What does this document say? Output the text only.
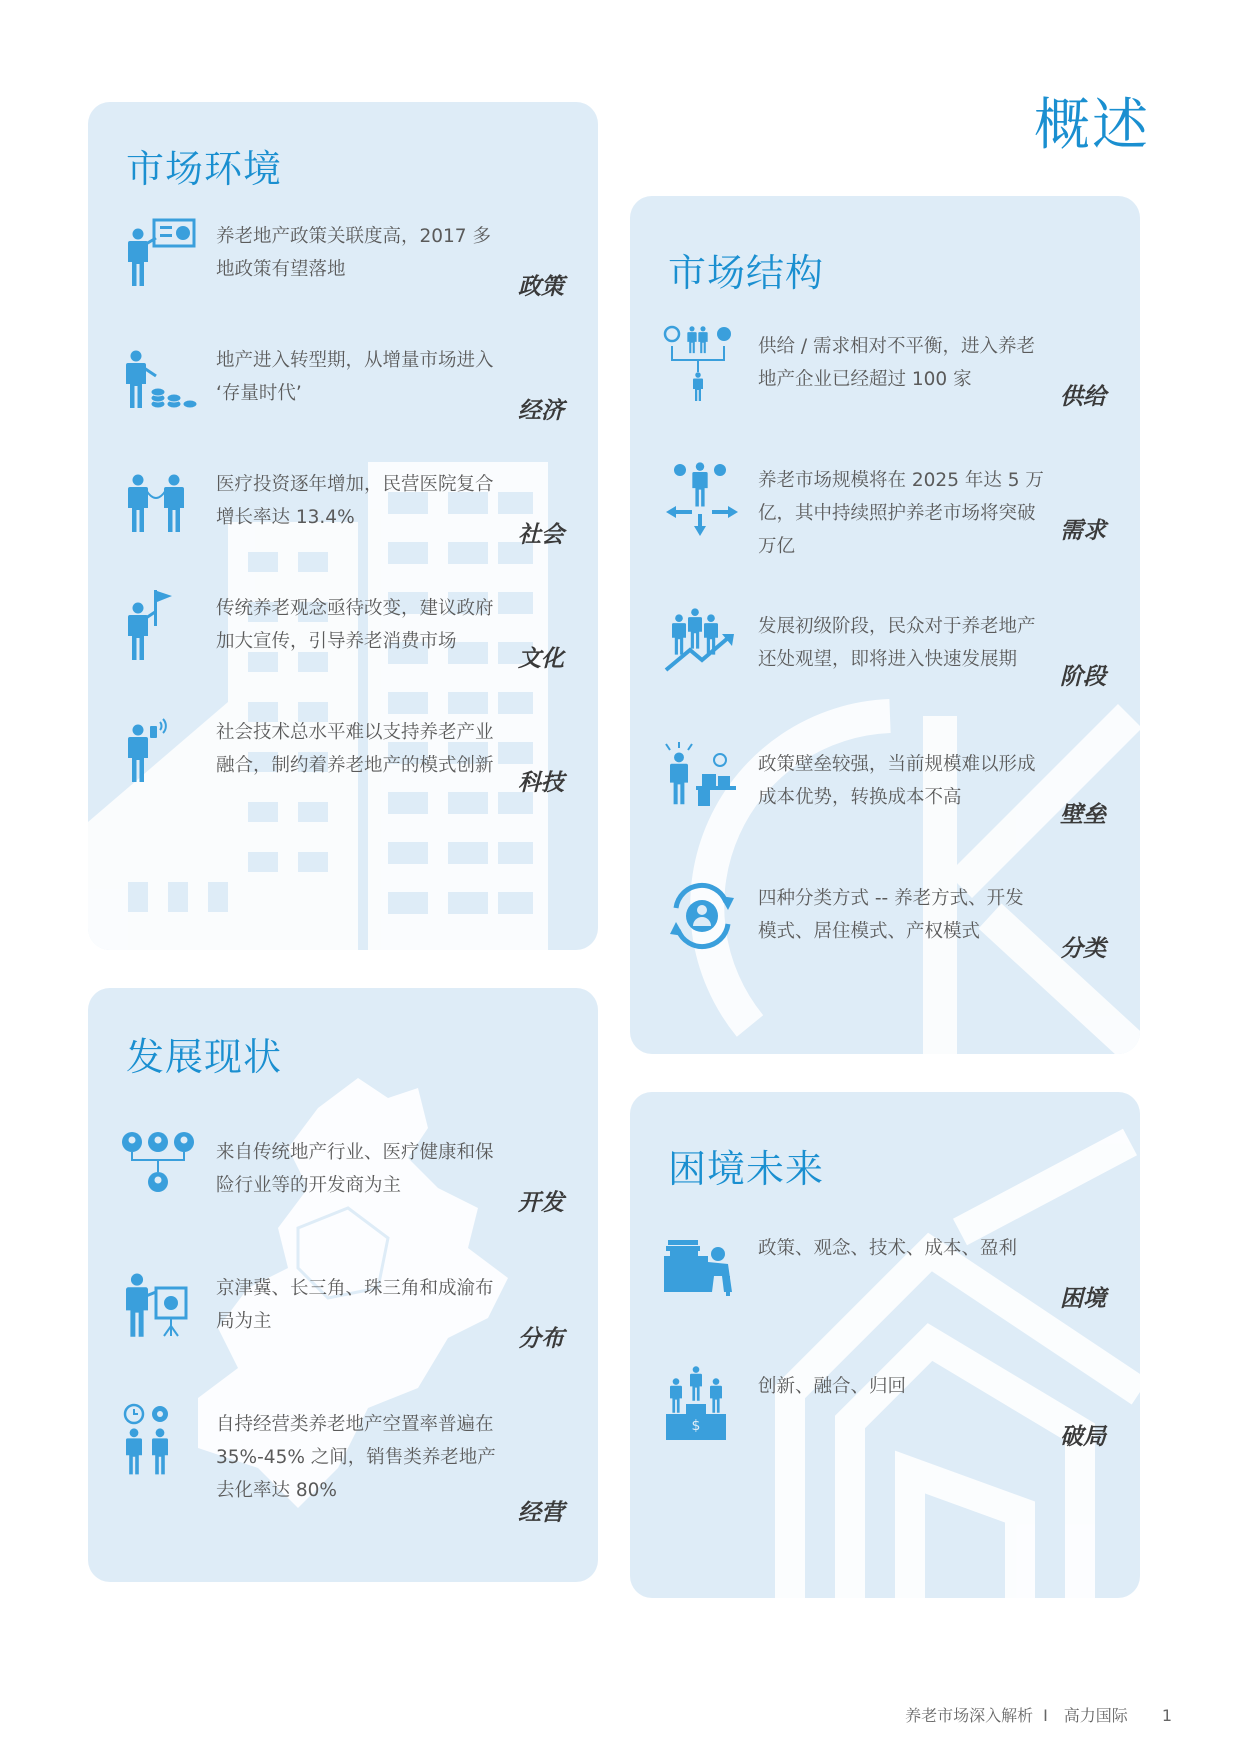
概述
市场环境
养老地产政策关联度高，2017 多
地政策有望落地
政策
地产进入转型期，从增量市场进入
‘存量时代’
经济
医疗投资逐年增加，民营医院复合
增长率达 13.4%
社会
传统养老观念亟待改变，建议政府
加大宣传，引导养老消费市场
文化
社会技术总水平难以支持养老产业
融合，制约着养老地产的模式创新
科技
市场结构
供给 / 需求相对不平衡，进入养老
地产企业已经超过 100 家
供给
养老市场规模将在 2025 年达 5 万
亿，其中持续照护养老市场将突破
万亿
需求
发展初级阶段，民众对于养老地产
还处观望，即将进入快速发展期
阶段
政策壁垒较强，当前规模难以形成
成本优势，转换成本不高
壁垒
四种分类方式 -- 养老方式、开发
模式、居住模式、产权模式
分类
发展现状
来自传统地产行业、医疗健康和保
险行业等的开发商为主
开发
京津冀、长三角、珠三角和成渝布
局为主
分布
自持经营类养老地产空置率普遍在
35%-45% 之间，销售类养老地产
去化率达 80%
经营
困境未来
政策、观念、技术、成本、盈利
困境
$
创新、融合、归回
破局
养老市场深入解析 I 高力国际 1
